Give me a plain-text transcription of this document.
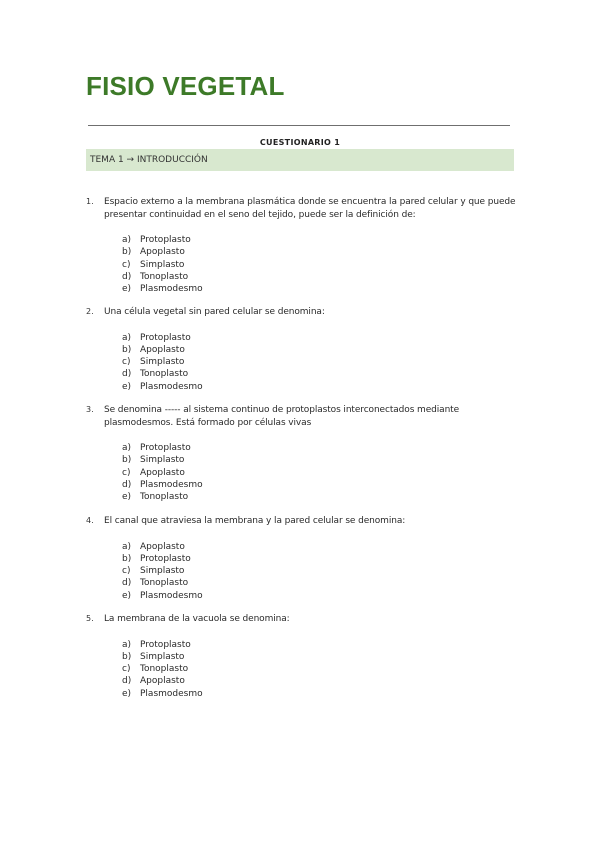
FISIO VEGETAL
CUESTIONARIO 1
TEMA 1 → INTRODUCCIÓN
1. Espacio externo a la membrana plasmática donde se encuentra la pared celular y que puede presentar continuidad en el seno del tejido, puede ser la definición de:
a) Protoplasto
b) Apoplasto
c)	Simplasto
d) Tonoplasto
e) Plasmodesmo
2. Una célula vegetal sin pared celular se denomina:
a) Protoplasto
b) Apoplasto
c)	Simplasto
d) Tonoplasto
e) Plasmodesmo
3. Se denomina ----- al sistema continuo de protoplastos interconectados mediante plasmodesmos. Está formado por células vivas
a) Protoplasto
b) Simplasto
c)	Apoplasto
d) Plasmodesmo
e) Tonoplasto
4. El canal que atraviesa la membrana y la pared celular se denomina:
a) Apoplasto
b) Protoplasto
c)	Simplasto
d) Tonoplasto
e) Plasmodesmo
5. La membrana de la vacuola se denomina:
a) Protoplasto
b) Simplasto
c)	Tonoplasto
d) Apoplasto
e) Plasmodesmo
